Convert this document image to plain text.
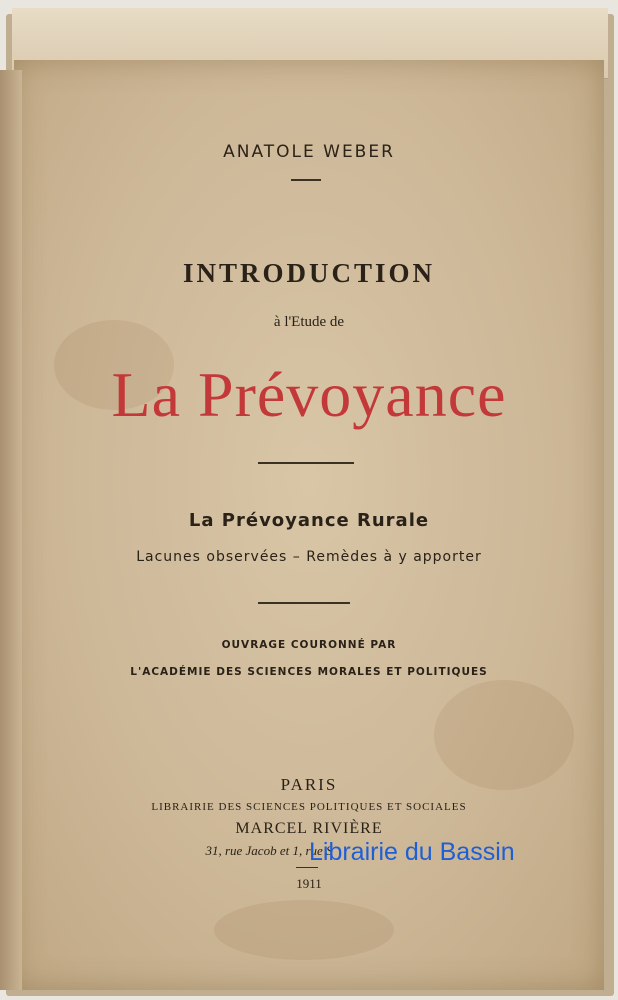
ANATOLE WEBER
INTRODUCTION
à l'Etude de
La Prévoyance
La Prévoyance Rurale
Lacunes observées – Remèdes à y apporter
OUVRAGE COURONNÉ PAR
L'ACADÉMIE DES SCIENCES MORALES ET POLITIQUES
PARIS
LIBRAIRIE DES SCIENCES POLITIQUES ET SOCIALES
MARCEL RIVIÈRE
31, rue Jacob et 1, rue S
1911
Librairie du Bassin
